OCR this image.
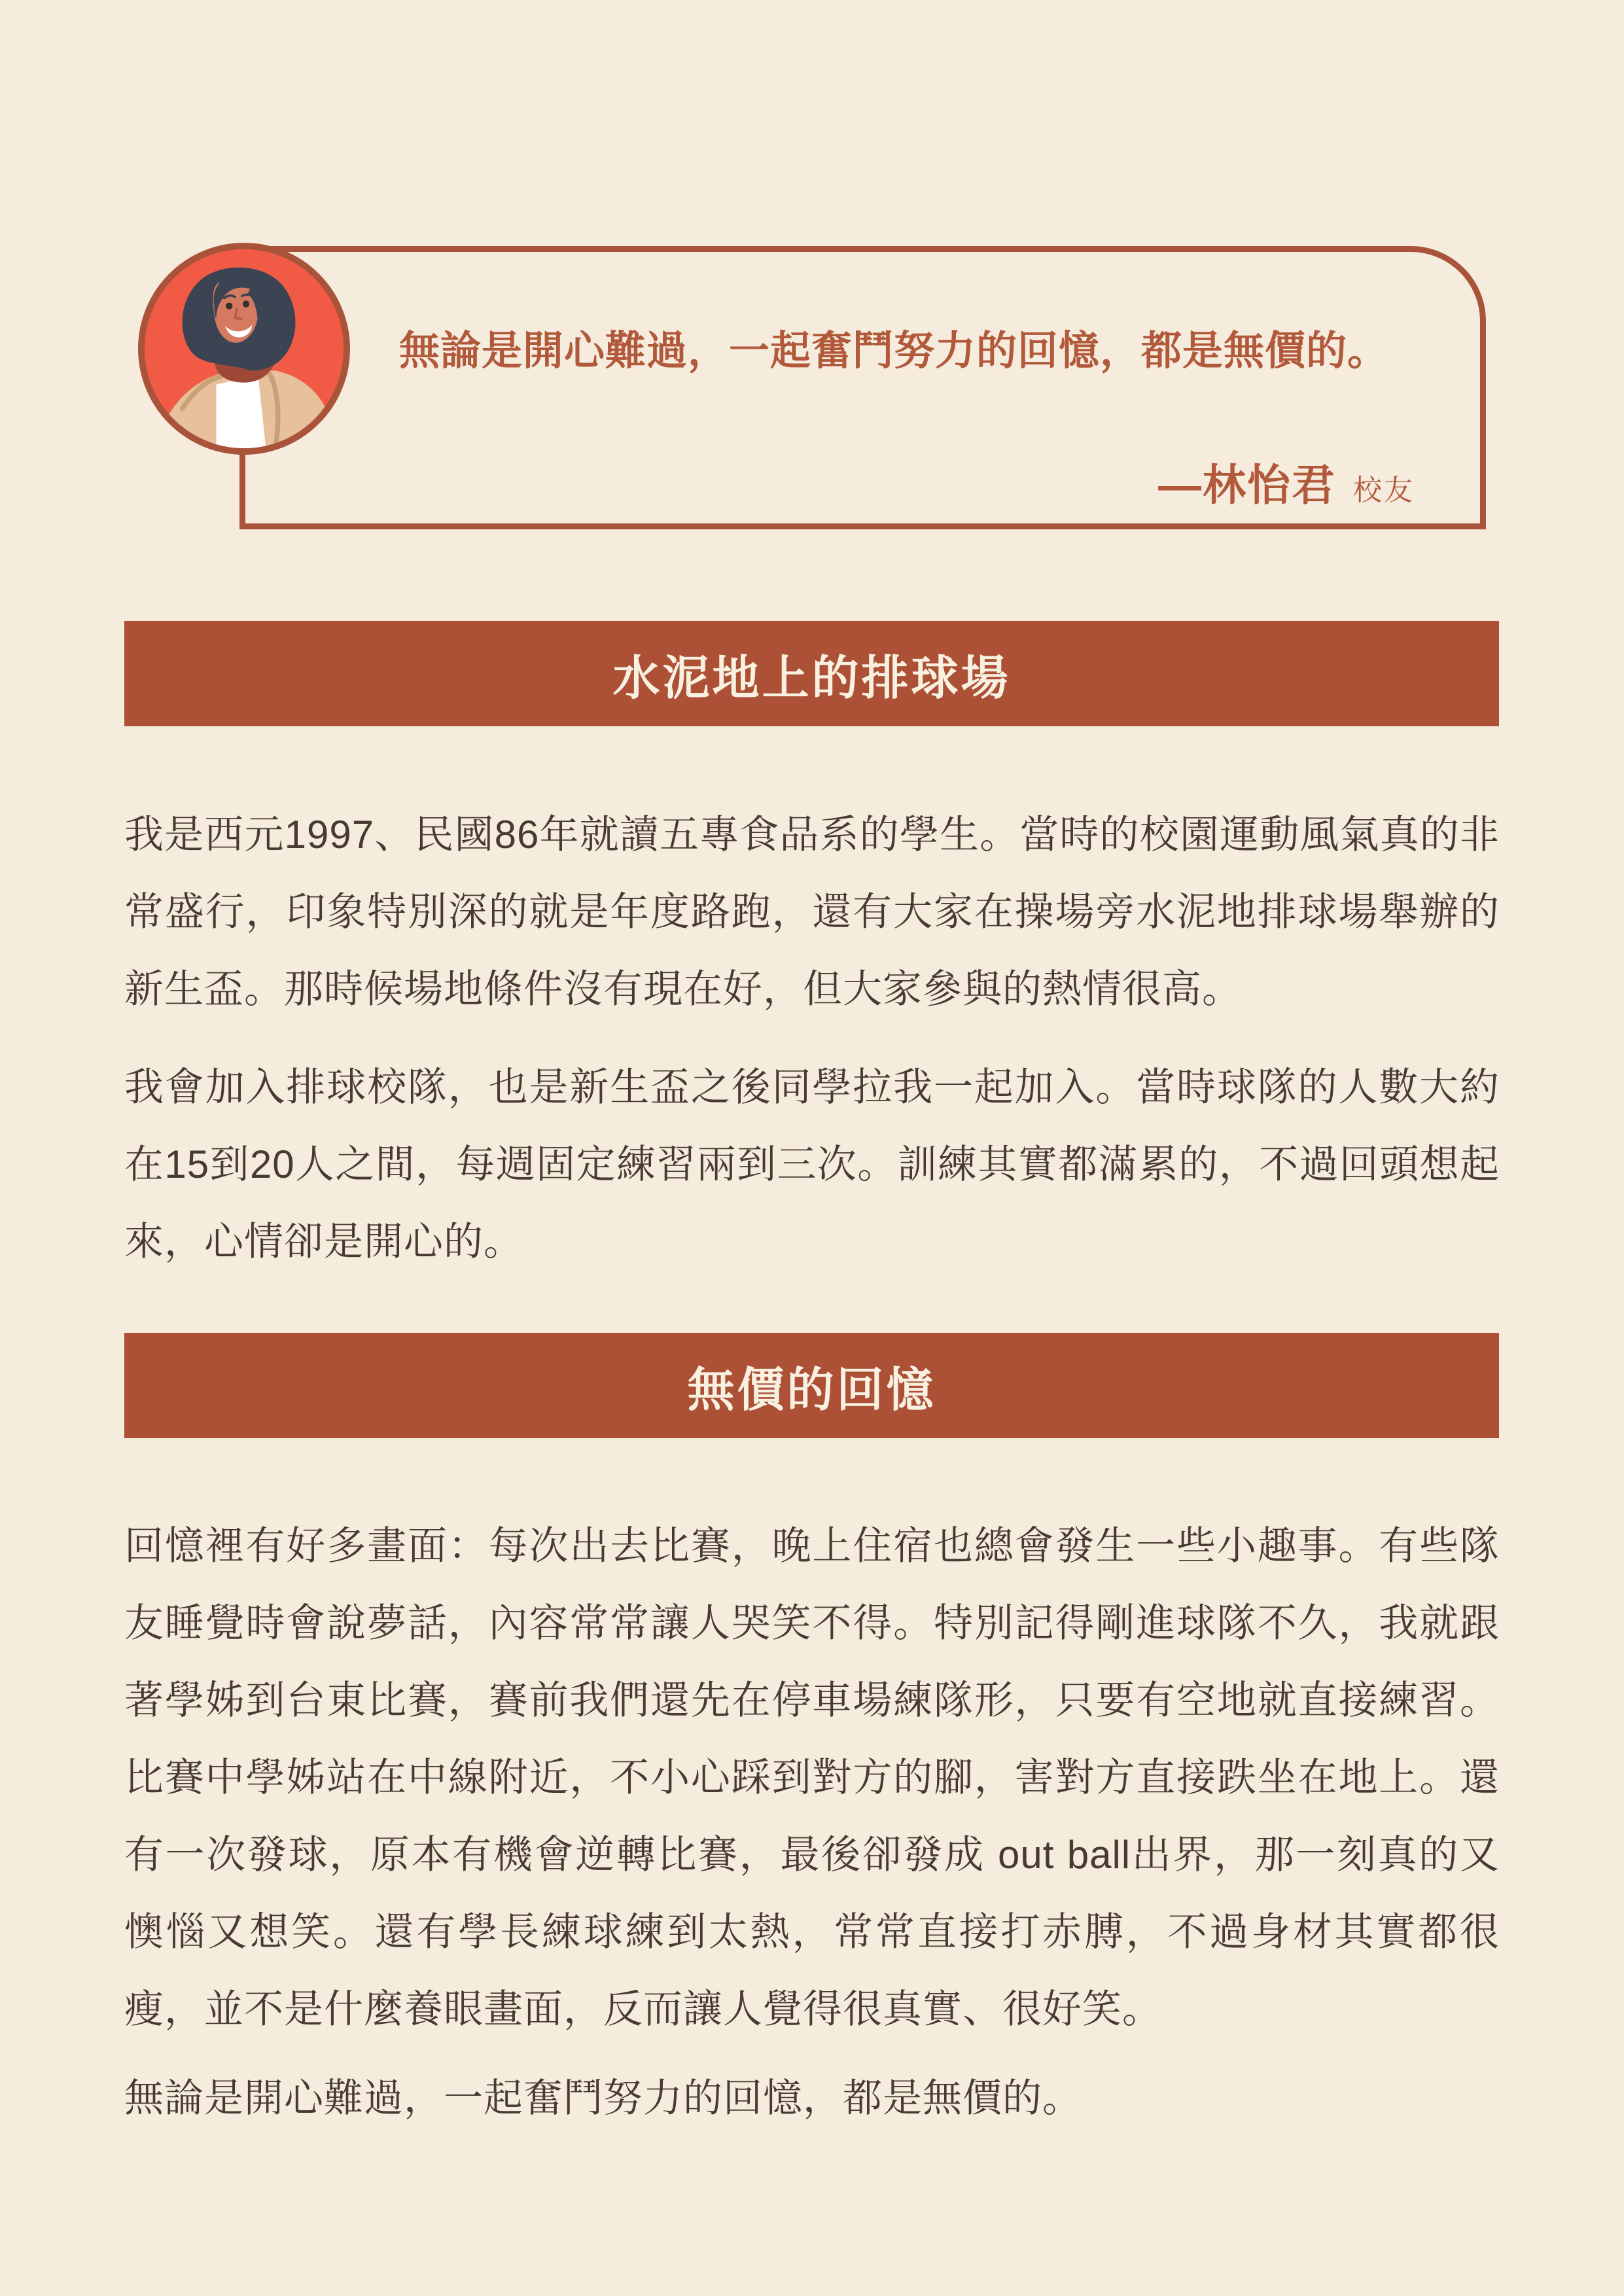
無論是開心難過，一起奮鬥努力的回憶，都是無價的。
—林怡君 校友
水泥地上的排球場

我是西元1997、民國86年就讀五專食品系的學生。當時的校園運動風氣真的非常盛行，印象特別深的就是年度路跑，還有大家在操場旁水泥地排球場舉辦的新生盃。那時候場地條件沒有現在好，但大家參與的熱情很高。

我會加入排球校隊，也是新生盃之後同學拉我一起加入。當時球隊的人數大約在15到20人之間，每週固定練習兩到三次。訓練其實都滿累的，不過回頭想起來，心情卻是開心的。

無價的回憶

回憶裡有好多畫面：每次出去比賽，晚上住宿也總會發生一些小趣事。有些隊友睡覺時會說夢話，內容常常讓人哭笑不得。特別記得剛進球隊不久，我就跟著學姊到台東比賽，賽前我們還先在停車場練隊形，只要有空地就直接練習。比賽中學姊站在中線附近，不小心踩到對方的腳，害對方直接跌坐在地上。還有一次發球，原本有機會逆轉比賽，最後卻發成 out ball出界，那一刻真的又懊惱又想笑。還有學長練球練到太熱，常常直接打赤膊，不過身材其實都很瘦，並不是什麼養眼畫面，反而讓人覺得很真實、很好笑。

無論是開心難過，一起奮鬥努力的回憶，都是無價的。
